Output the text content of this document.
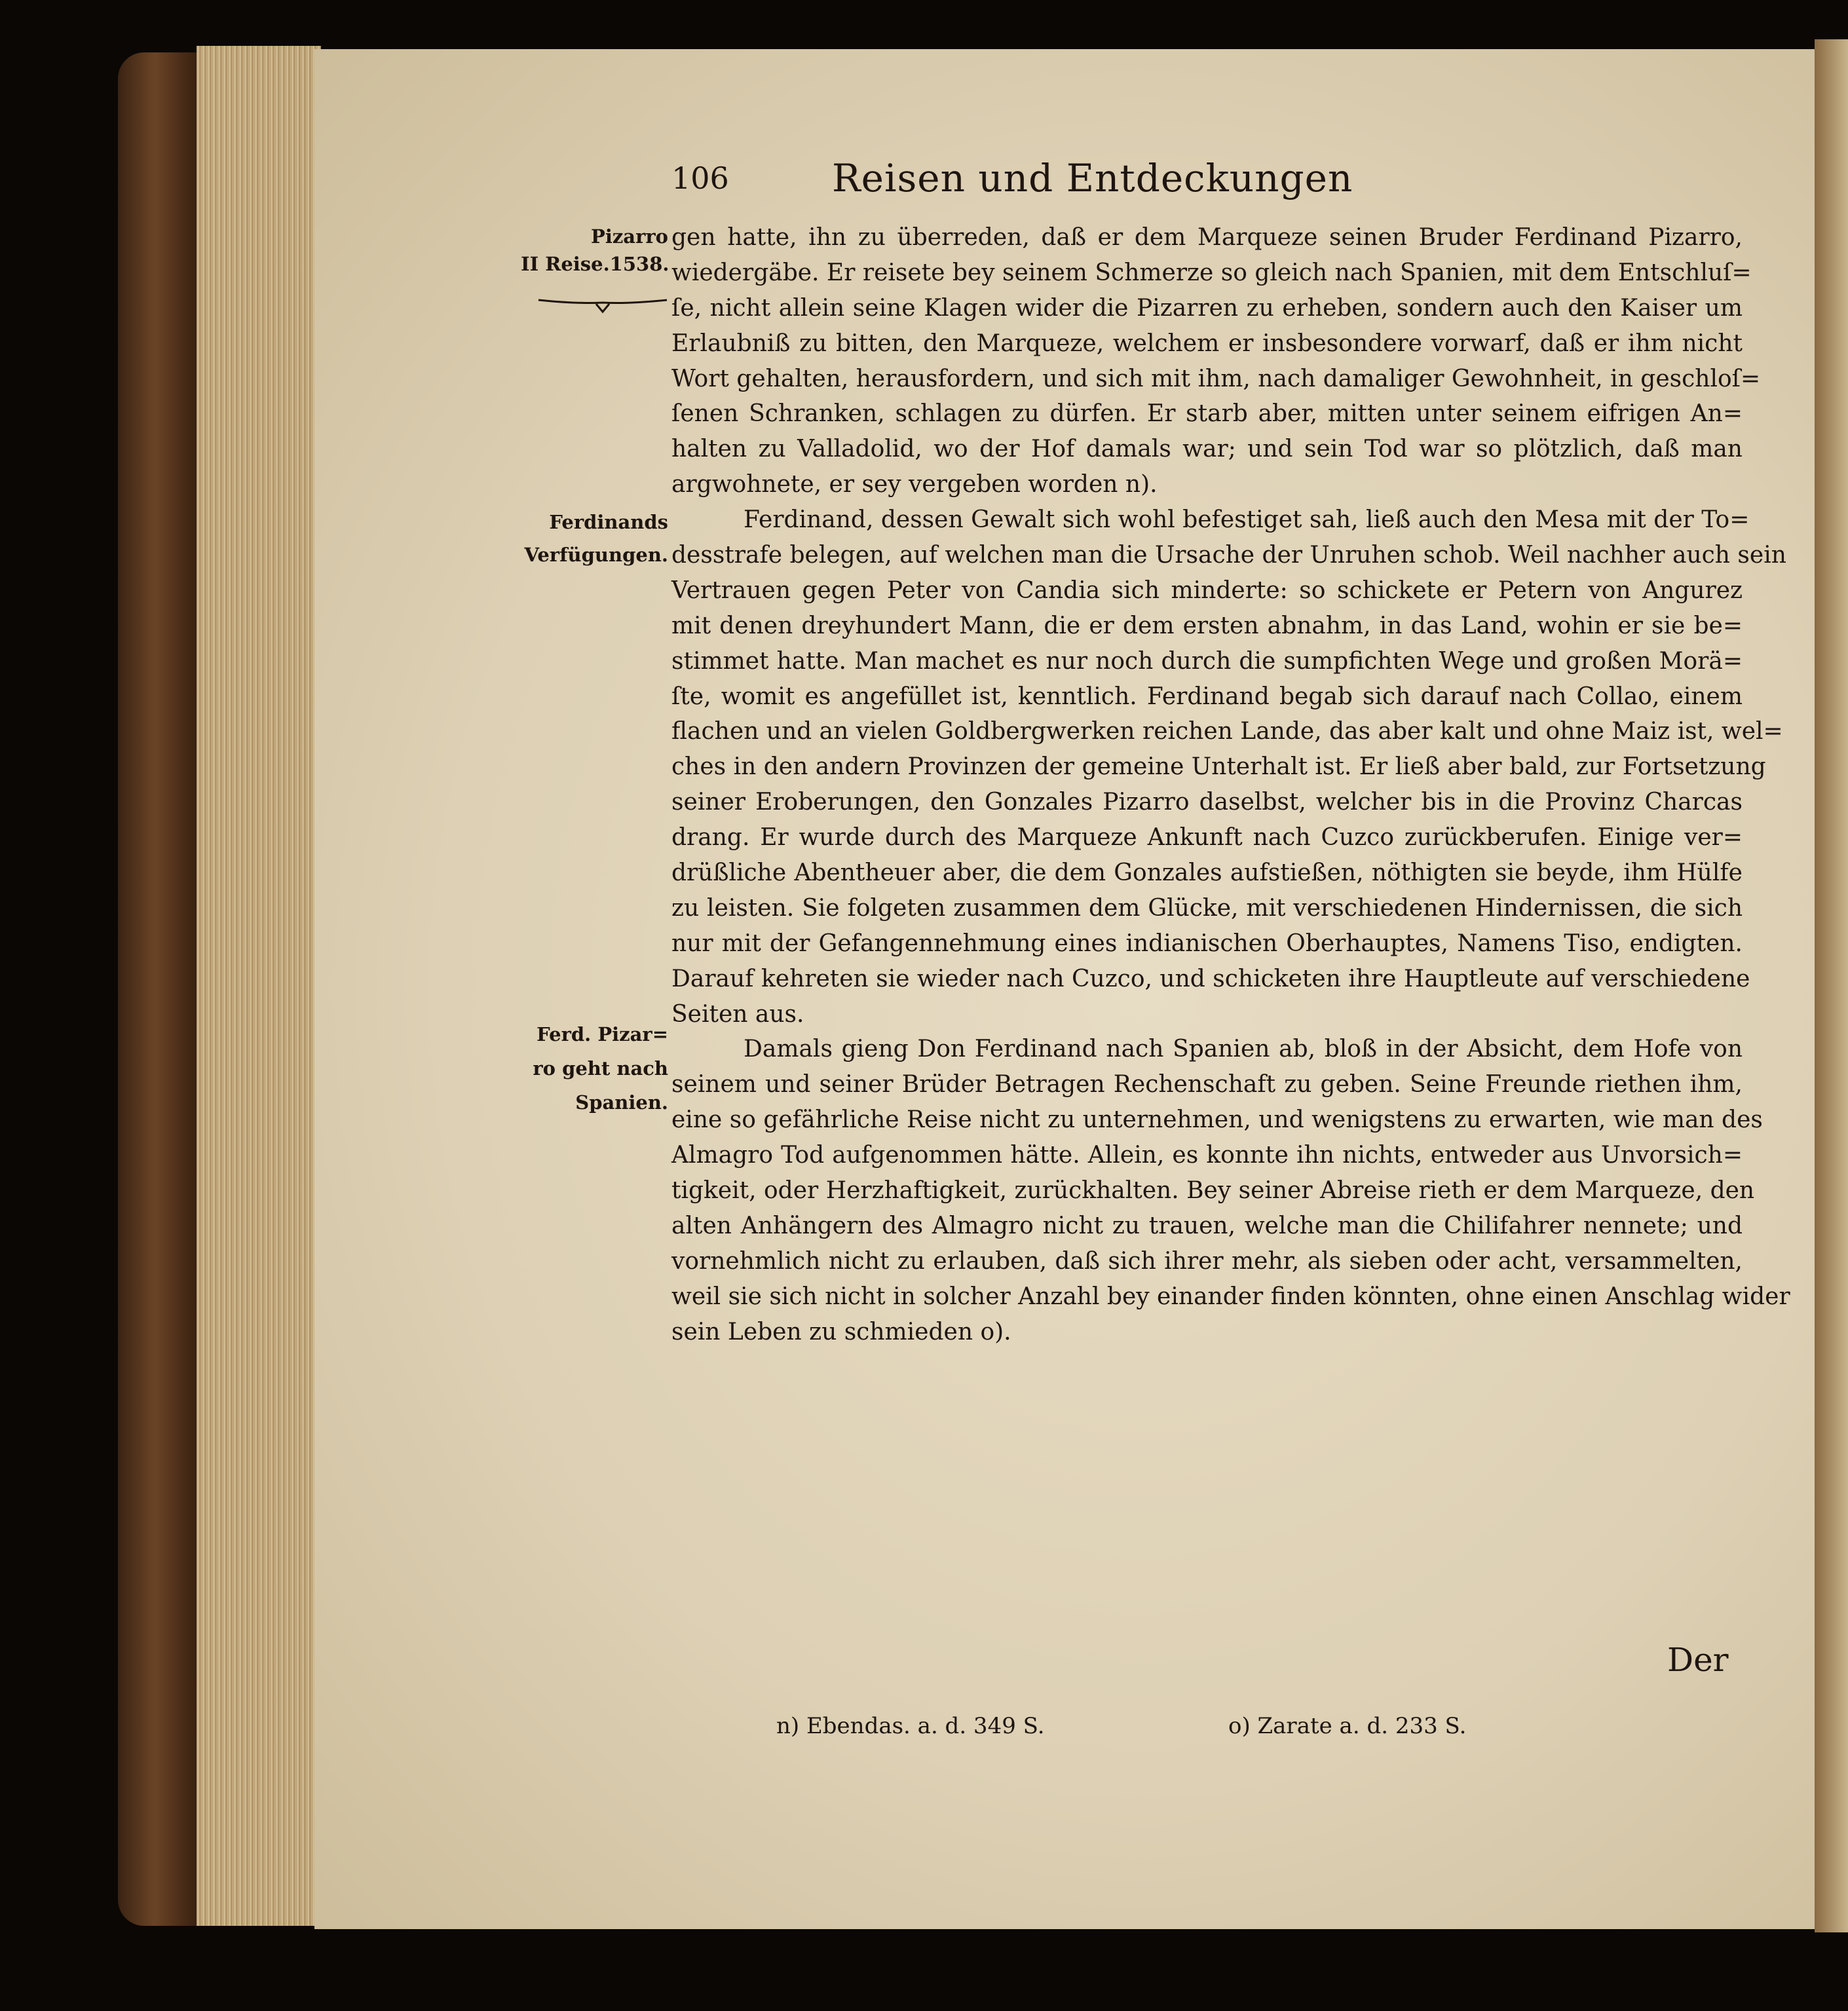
106	Reisen und Entdeckungen
Pizarro
II Reise.1538.
Ferdinands
Verfügungen.
Ferd. Pizar=
ro geht nach
Spanien.
gen hatte, ihn zu überreden, daß er dem Marqueze seinen Bruder Ferdinand Pizarro,
wiedergäbe. Er reisete bey seinem Schmerze so gleich nach Spanien, mit dem Entschluſ=
ſe, nicht allein seine Klagen wider die Pizarren zu erheben, sondern auch den Kaiser um
Erlaubniß zu bitten, den Marqueze, welchem er insbesondere vorwarf, daß er ihm nicht
Wort gehalten, herausfordern, und sich mit ihm, nach damaliger Gewohnheit, in geschloſ=
ſenen Schranken, schlagen zu dürfen. Er starb aber, mitten unter seinem eifrigen An=
halten zu Valladolid, wo der Hof damals war; und sein Tod war so plötzlich, daß man
argwohnete, er sey vergeben worden n).
Ferdinand, dessen Gewalt sich wohl befestiget sah, ließ auch den Mesa mit der To=
desstrafe belegen, auf welchen man die Ursache der Unruhen schob. Weil nachher auch sein
Vertrauen gegen Peter von Candia sich minderte: so schickete er Petern von Angurez
mit denen dreyhundert Mann, die er dem ersten abnahm, in das Land, wohin er sie be=
stimmet hatte. Man machet es nur noch durch die sumpfichten Wege und großen Morä=
ſte, womit es angefüllet ist, kenntlich. Ferdinand begab sich darauf nach Collao, einem
flachen und an vielen Goldbergwerken reichen Lande, das aber kalt und ohne Maiz ist, wel=
ches in den andern Provinzen der gemeine Unterhalt ist. Er ließ aber bald, zur Fortsetzung
seiner Eroberungen, den Gonzales Pizarro daselbst, welcher bis in die Provinz Charcas
drang. Er wurde durch des Marqueze Ankunft nach Cuzco zurückberufen. Einige ver=
drüßliche Abentheuer aber, die dem Gonzales aufstießen, nöthigten sie beyde, ihm Hülfe
zu leisten. Sie folgeten zusammen dem Glücke, mit verschiedenen Hindernissen, die sich
nur mit der Gefangennehmung eines indianischen Oberhauptes, Namens Tiso, endigten.
Darauf kehreten sie wieder nach Cuzco, und schicketen ihre Hauptleute auf verschiedene
Seiten aus.
Damals gieng Don Ferdinand nach Spanien ab, bloß in der Absicht, dem Hofe von
seinem und seiner Brüder Betragen Rechenschaft zu geben. Seine Freunde riethen ihm,
eine so gefährliche Reise nicht zu unternehmen, und wenigstens zu erwarten, wie man des
Almagro Tod aufgenommen hätte. Allein, es konnte ihn nichts, entweder aus Unvorsich=
tigkeit, oder Herzhaftigkeit, zurückhalten. Bey seiner Abreise rieth er dem Marqueze, den
alten Anhängern des Almagro nicht zu trauen, welche man die Chilifahrer nennete; und
vornehmlich nicht zu erlauben, daß sich ihrer mehr, als sieben oder acht, versammelten,
weil sie sich nicht in solcher Anzahl bey einander finden könnten, ohne einen Anschlag wider
sein Leben zu schmieden o).
Der
n) Ebendas. a. d. 349 S.	o) Zarate a. d. 233 S.
